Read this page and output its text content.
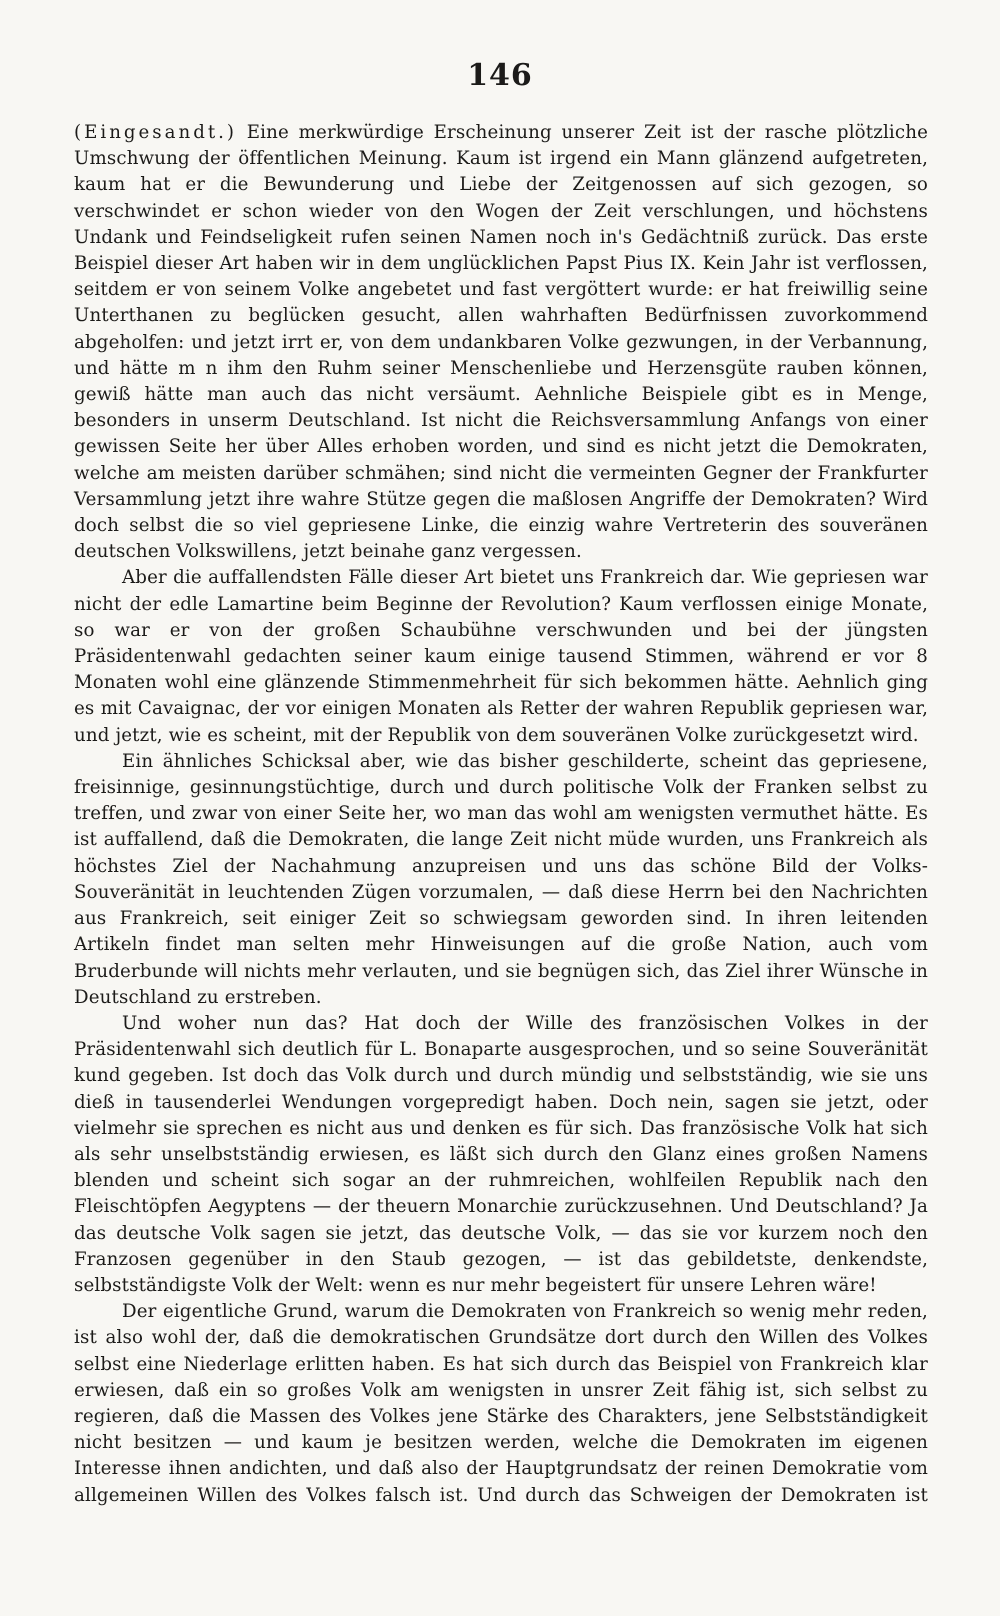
146

(Eingesandt.) Eine merkwürdige Erscheinung unserer Zeit ist der rasche plötzliche Umschwung der öffentlichen Meinung. Kaum ist irgend ein Mann glänzend aufgetreten, kaum hat er die Bewunderung und Liebe der Zeitgenossen auf sich gezogen, so verschwindet er schon wieder von den Wogen der Zeit verschlungen, und höchstens Undank und Feindseligkeit rufen seinen Namen noch in's Gedächtniß zurück. Das erste Beispiel dieser Art haben wir in dem unglücklichen Papst Pius IX. Kein Jahr ist verflossen, seitdem er von seinem Volke angebetet und fast vergöttert wurde: er hat freiwillig seine Unterthanen zu beglücken gesucht, allen wahrhaften Bedürfnissen zuvorkommend abgeholfen: und jetzt irrt er, von dem undankbaren Volke gezwungen, in der Verbannung, und hätte m n ihm den Ruhm seiner Menschenliebe und Herzensgüte rauben können, gewiß hätte man auch das nicht versäumt. Aehnliche Beispiele gibt es in Menge, besonders in unserm Deutschland. Ist nicht die Reichsversammlung Anfangs von einer gewissen Seite her über Alles erhoben worden, und sind es nicht jetzt die Demokraten, welche am meisten darüber schmähen; sind nicht die vermeinten Gegner der Frankfurter Versammlung jetzt ihre wahre Stütze gegen die maßlosen Angriffe der Demokraten? Wird doch selbst die so viel gepriesene Linke, die einzig wahre Vertreterin des souveränen deutschen Volkswillens, jetzt beinahe ganz vergessen.

Aber die auffallendsten Fälle dieser Art bietet uns Frankreich dar. Wie gepriesen war nicht der edle Lamartine beim Beginne der Revolution? Kaum verflossen einige Monate, so war er von der großen Schaubühne verschwunden und bei der jüngsten Präsidentenwahl gedachten seiner kaum einige tausend Stimmen, während er vor 8 Monaten wohl eine glänzende Stimmenmehrheit für sich bekommen hätte. Aehnlich ging es mit Cavaignac, der vor einigen Monaten als Retter der wahren Republik gepriesen war, und jetzt, wie es scheint, mit der Republik von dem souveränen Volke zurückgesetzt wird.

Ein ähnliches Schicksal aber, wie das bisher geschilderte, scheint das gepriesene, freisinnige, gesinnungstüchtige, durch und durch politische Volk der Franken selbst zu treffen, und zwar von einer Seite her, wo man das wohl am wenigsten vermuthet hätte. Es ist auffallend, daß die Demokraten, die lange Zeit nicht müde wurden, uns Frankreich als höchstes Ziel der Nachahmung anzupreisen und uns das schöne Bild der Volks-Souveränität in leuchtenden Zügen vorzumalen, — daß diese Herrn bei den Nachrichten aus Frankreich, seit einiger Zeit so schwiegsam geworden sind. In ihren leitenden Artikeln findet man selten mehr Hinweisungen auf die große Nation, auch vom Bruderbunde will nichts mehr verlauten, und sie begnügen sich, das Ziel ihrer Wünsche in Deutschland zu erstreben.

Und woher nun das? Hat doch der Wille des französischen Volkes in der Präsidentenwahl sich deutlich für L. Bonaparte ausgesprochen, und so seine Souveränität kund gegeben. Ist doch das Volk durch und durch mündig und selbstständig, wie sie uns dieß in tausenderlei Wendungen vorgepredigt haben. Doch nein, sagen sie jetzt, oder vielmehr sie sprechen es nicht aus und denken es für sich. Das französische Volk hat sich als sehr unselbstständig erwiesen, es läßt sich durch den Glanz eines großen Namens blenden und scheint sich sogar an der ruhmreichen, wohlfeilen Republik nach den Fleischtöpfen Aegyptens — der theuern Monarchie zurückzusehnen. Und Deutschland? Ja das deutsche Volk sagen sie jetzt, das deutsche Volk, — das sie vor kurzem noch den Franzosen gegenüber in den Staub gezogen, — ist das gebildetste, denkendste, selbstständigste Volk der Welt: wenn es nur mehr begeistert für unsere Lehren wäre!

Der eigentliche Grund, warum die Demokraten von Frankreich so wenig mehr reden, ist also wohl der, daß die demokratischen Grundsätze dort durch den Willen des Volkes selbst eine Niederlage erlitten haben. Es hat sich durch das Beispiel von Frankreich klar erwiesen, daß ein so großes Volk am wenigsten in unsrer Zeit fähig ist, sich selbst zu regieren, daß die Massen des Volkes jene Stärke des Charakters, jene Selbstständigkeit nicht besitzen — und kaum je besitzen werden, welche die Demokraten im eigenen Interesse ihnen andichten, und daß also der Hauptgrundsatz der reinen Demokratie vom allgemeinen Willen des Volkes falsch ist. Und durch das Schweigen der Demokraten ist
